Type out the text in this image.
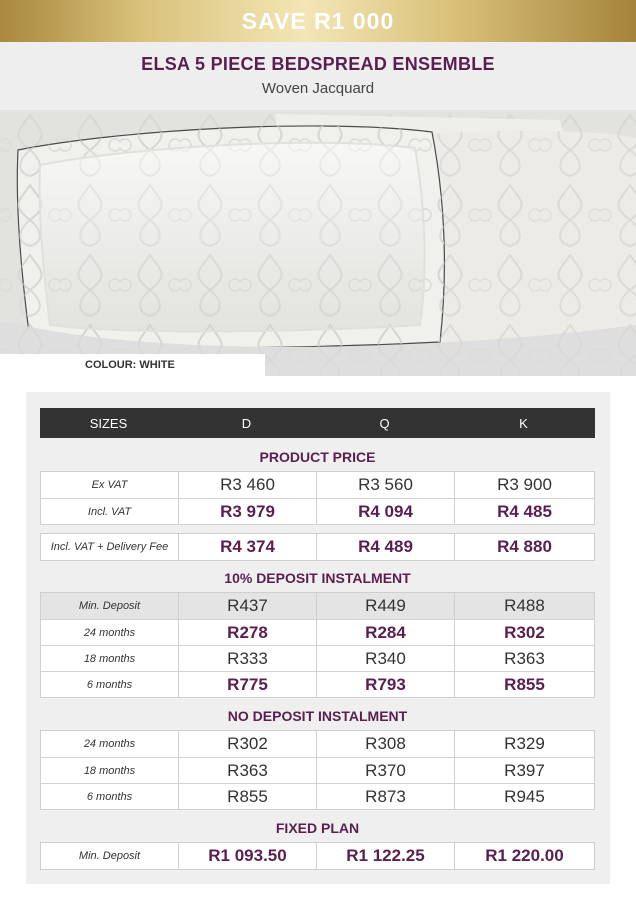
SAVE R1 000
ELSA 5 PIECE BEDSPREAD ENSEMBLE
Woven Jacquard
COLOUR: WHITE
SIZES	D	Q	K
PRODUCT PRICE
Ex VAT	R3 460	R3 560	R3 900
Incl. VAT	R3 979	R4 094	R4 485
Incl. VAT + Delivery Fee	R4 374	R4 489	R4 880
10% DEPOSIT INSTALMENT
Min. Deposit	R437	R449	R488
24 months	R278	R284	R302
18 months	R333	R340	R363
6 months	R775	R793	R855
NO DEPOSIT INSTALMENT
24 months	R302	R308	R329
18 months	R363	R370	R397
6 months	R855	R873	R945
FIXED PLAN
Min. Deposit	R1 093.50	R1 122.25	R1 220.00
